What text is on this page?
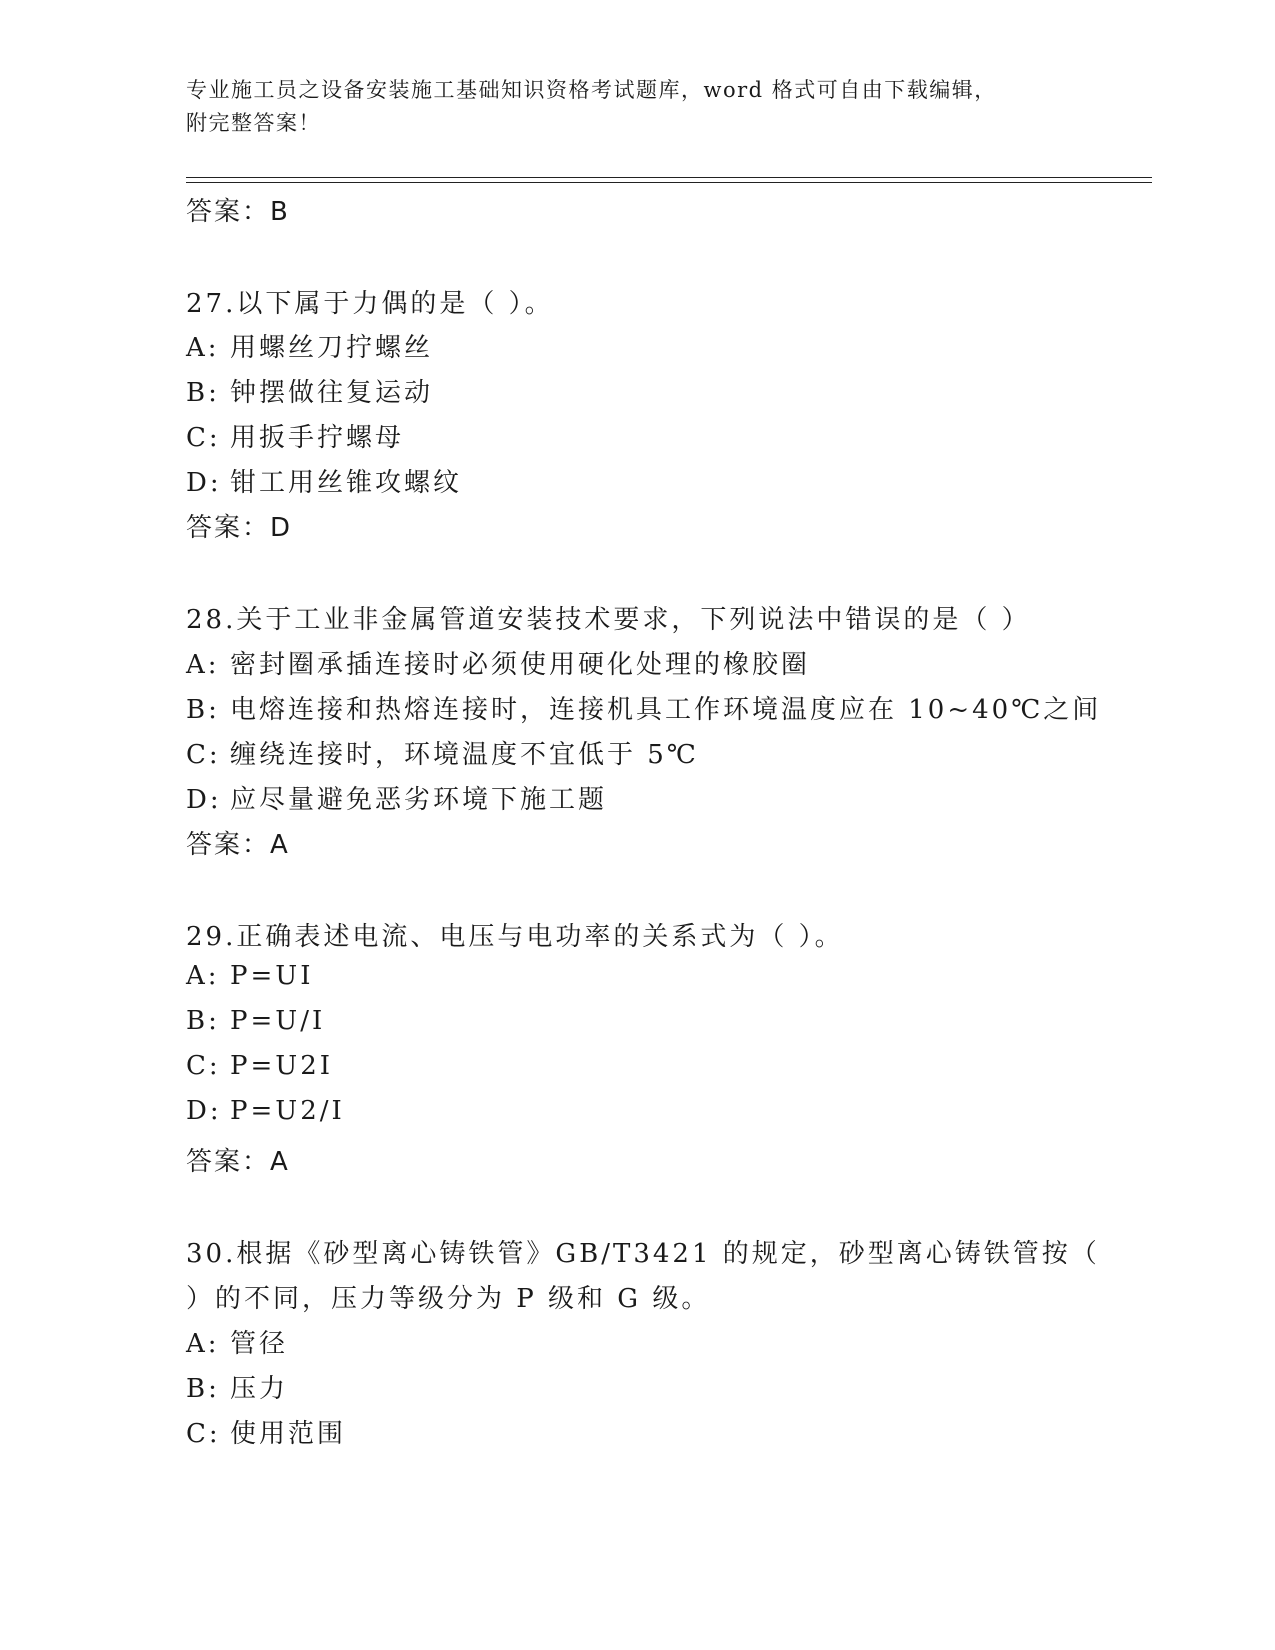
专业施工员之设备安装施工基础知识资格考试题库，word 格式可自由下载编辑，
附完整答案！
答案：B
27.以下属于力偶的是（ ）。
A: 用螺丝刀拧螺丝
B: 钟摆做往复运动
C: 用扳手拧螺母
D: 钳工用丝锥攻螺纹
答案：D
28.关于工业非金属管道安装技术要求，下列说法中错误的是（ ）
A: 密封圈承插连接时必须使用硬化处理的橡胶圈
B: 电熔连接和热熔连接时，连接机具工作环境温度应在 10~40℃之间
C: 缠绕连接时，环境温度不宜低于 5℃
D: 应尽量避免恶劣环境下施工题
答案：A
29.正确表述电流、电压与电功率的关系式为（ ）。
A: P=UI
B: P=U/I
C: P=U2I
D: P=U2/I
答案：A
30.根据《砂型离心铸铁管》GB/T3421 的规定，砂型离心铸铁管按（
）的不同，压力等级分为 P 级和 G 级。
A: 管径
B: 压力
C: 使用范围
